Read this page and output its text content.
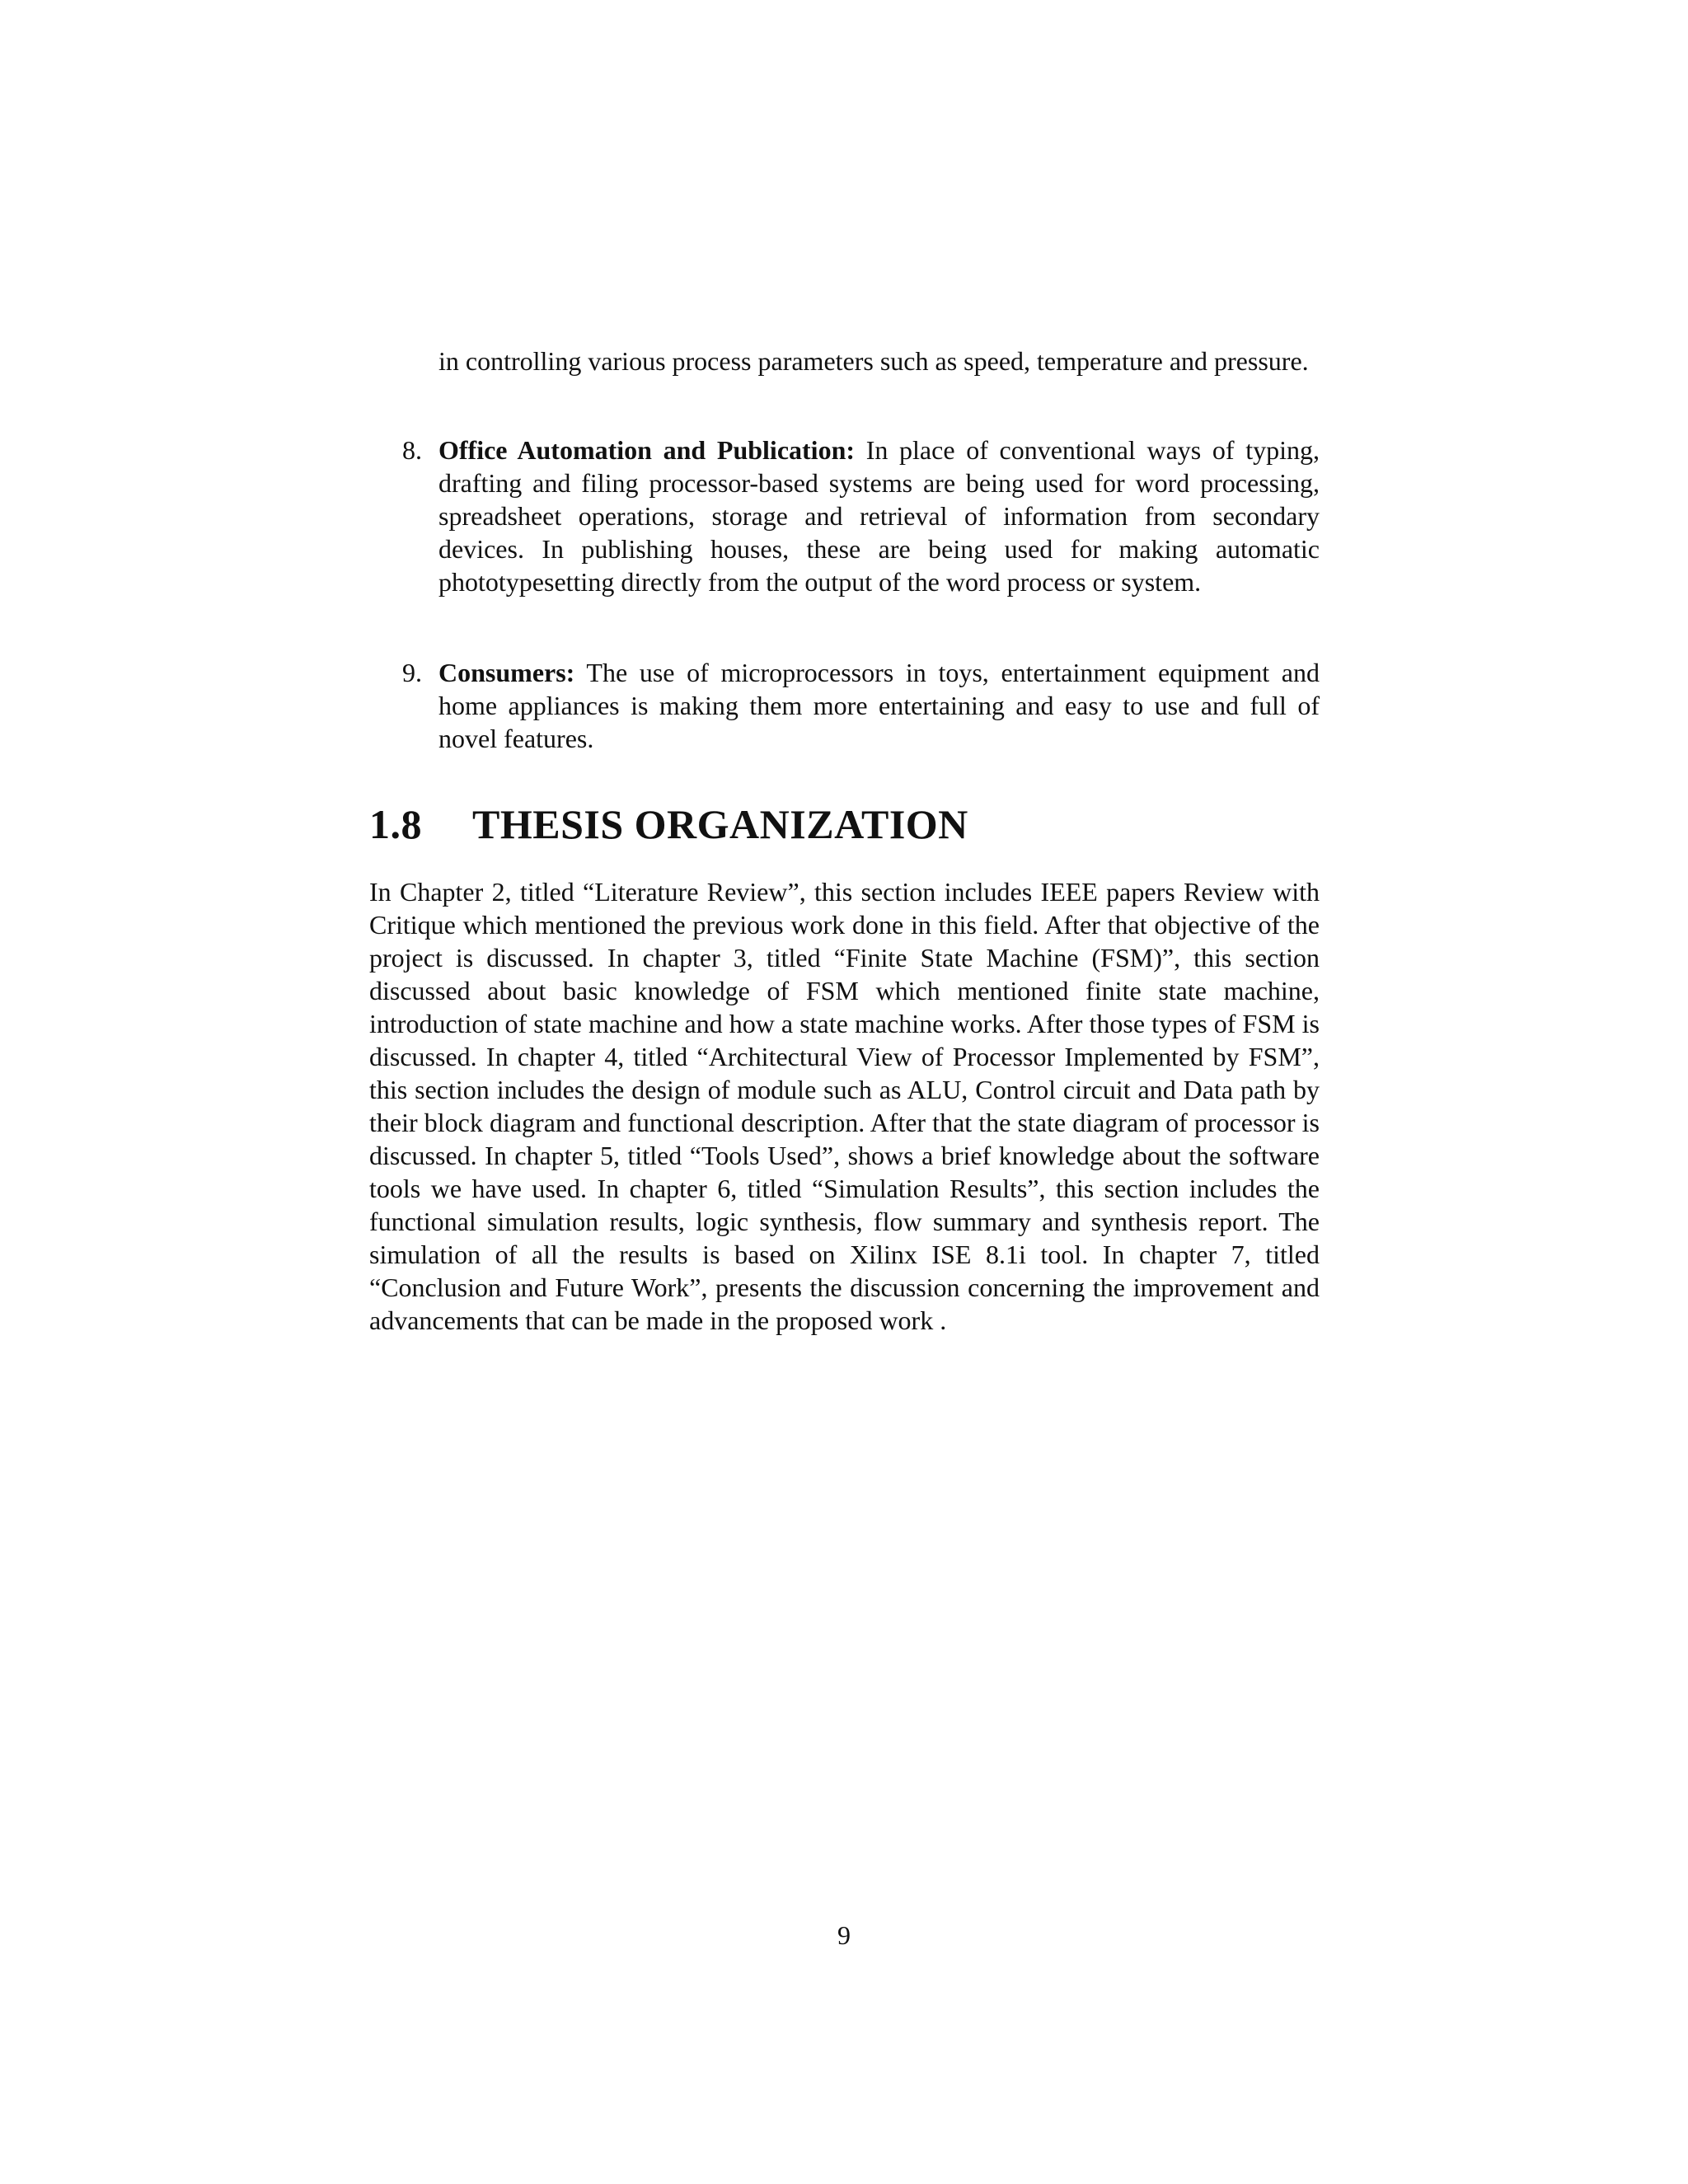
in controlling various process parameters such as speed, temperature and pressure.

8. Office Automation and Publication: In place of conventional ways of typing, drafting and filing processor-based systems are being used for word processing, spreadsheet operations, storage and retrieval of information from secondary devices. In publishing houses, these are being used for making automatic phototypesetting directly from the output of the word process or system.

9. Consumers: The use of microprocessors in toys, entertainment equipment and home appliances is making them more entertaining and easy to use and full of novel features.

1.8 THESIS ORGANIZATION

In Chapter 2, titled “Literature Review”, this section includes IEEE papers Review with Critique which mentioned the previous work done in this field. After that objective of the project is discussed. In chapter 3, titled “Finite State Machine (FSM)”, this section discussed about basic knowledge of FSM which mentioned finite state machine, introduction of state machine and how a state machine works. After those types of FSM is discussed. In chapter 4, titled “Architectural View of Processor Implemented by FSM”, this section includes the design of module such as ALU, Control circuit and Data path by their block diagram and functional description. After that the state diagram of processor is discussed. In chapter 5, titled “Tools Used”, shows a brief knowledge about the software tools we have used. In chapter 6, titled “Simulation Results”, this section includes the functional simulation results, logic synthesis, flow summary and synthesis report. The simulation of all the results is based on Xilinx ISE 8.1i tool. In chapter 7, titled “Conclusion and Future Work”, presents the discussion concerning the improvement and advancements that can be made in the proposed work .

9
